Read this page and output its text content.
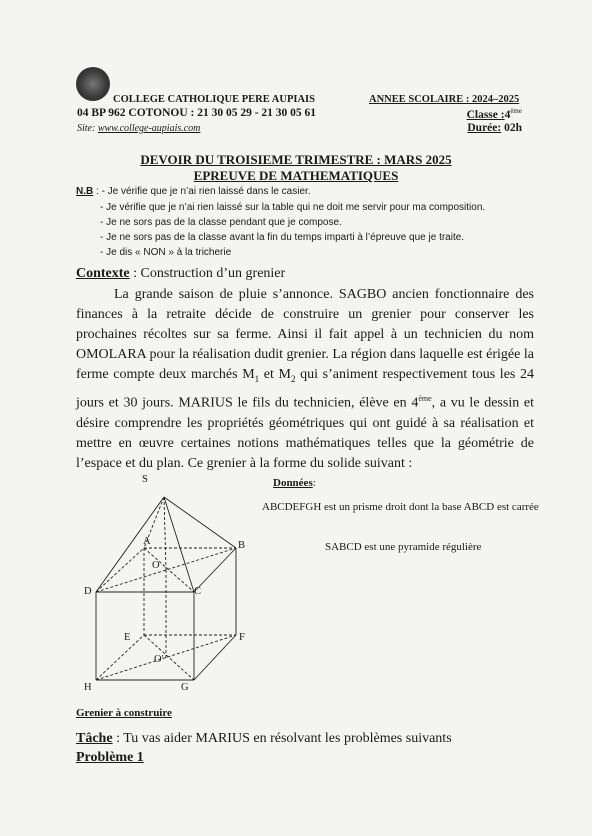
COLLEGE CATHOLIQUE PERE AUPIAIS
04 BP 962 COTONOU : 21 30 05 29 - 21 30 05 61
Site: www.college-aupiais.com
ANNEE SCOLAIRE : 2024–2025
Classe :4ème
Durée: 02h
DEVOIR DU TROISIEME TRIMESTRE : MARS 2025
EPREUVE DE MATHEMATIQUES
N.B : - Je vérifie que je n’ai rien laissé dans le casier.
- Je vérifie que je n’ai rien laissé sur la table qui ne doit me servir pour ma composition.
- Je ne sors pas de la classe pendant que je compose.
- Je ne sors pas de la classe avant la fin du temps imparti à l’épreuve que je traite.
- Je dis « NON » à la tricherie
Contexte : Construction d’un grenier

La grande saison de pluie s’annonce. SAGBO ancien fonctionnaire des finances à la retraite décide de construire un grenier pour conserver les prochaines récoltes sur sa ferme. Ainsi il fait appel à un technicien du nom OMOLARA pour la réalisation dudit grenier. La région dans laquelle est érigée la ferme compte deux marchés $M_1$ et $M_2$ qui s’animent respectivement tous les 24 jours et 30 jours. MARIUS le fils du technicien, élève en 4ème, a vu le dessin et désire comprendre les propriétés géométriques qui ont guidé à sa réalisation et mettre en œuvre certaines notions mathématiques telles que la géométrie de l’espace et du plan. Ce grenier à la forme du solide suivant :

S
A	B
O
D	C
E	F
O'
H	G
Données:
ABCDEFGH est un prisme droit dont la base ABCD est carrée
SABCD est une pyramide régulière
Grenier à construire
Tâche : Tu vas aider MARIUS en résolvant les problèmes suivants
Problème 1
